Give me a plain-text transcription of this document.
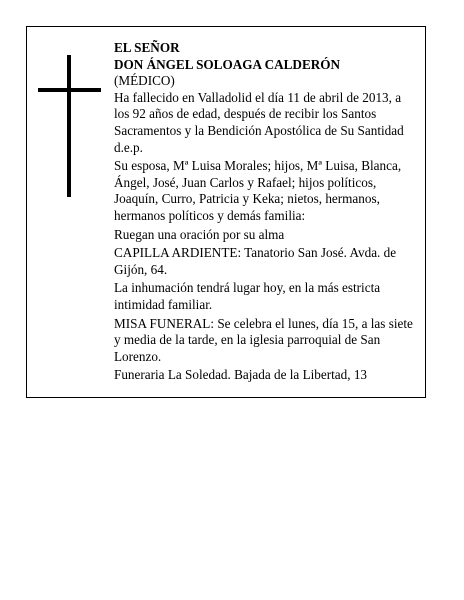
EL SEÑOR
DON ÁNGEL SOLOAGA CALDERÓN
(MÉDICO)

Ha fallecido en Valladolid el día 11 de abril de 2013, a los 92 años de edad, después de recibir los Santos Sacramentos y la Bendición Apostólica de Su Santidad d.e.p.

Su esposa, Mª Luisa Morales; hijos, Mª Luisa, Blanca, Ángel, José, Juan Carlos y Rafael; hijos políticos, Joaquín, Curro, Patricia y Keka; nietos, hermanos, hermanos políticos y demás familia:

Ruegan una oración por su alma

CAPILLA ARDIENTE: Tanatorio San José. Avda. de Gijón, 64.

La inhumación tendrá lugar hoy, en la más estricta intimidad familiar.

MISA FUNERAL: Se celebra el lunes, día 15, a las siete y media de la tarde, en la iglesia parroquial de San Lorenzo.

Funeraria La Soledad. Bajada de la Libertad, 13
